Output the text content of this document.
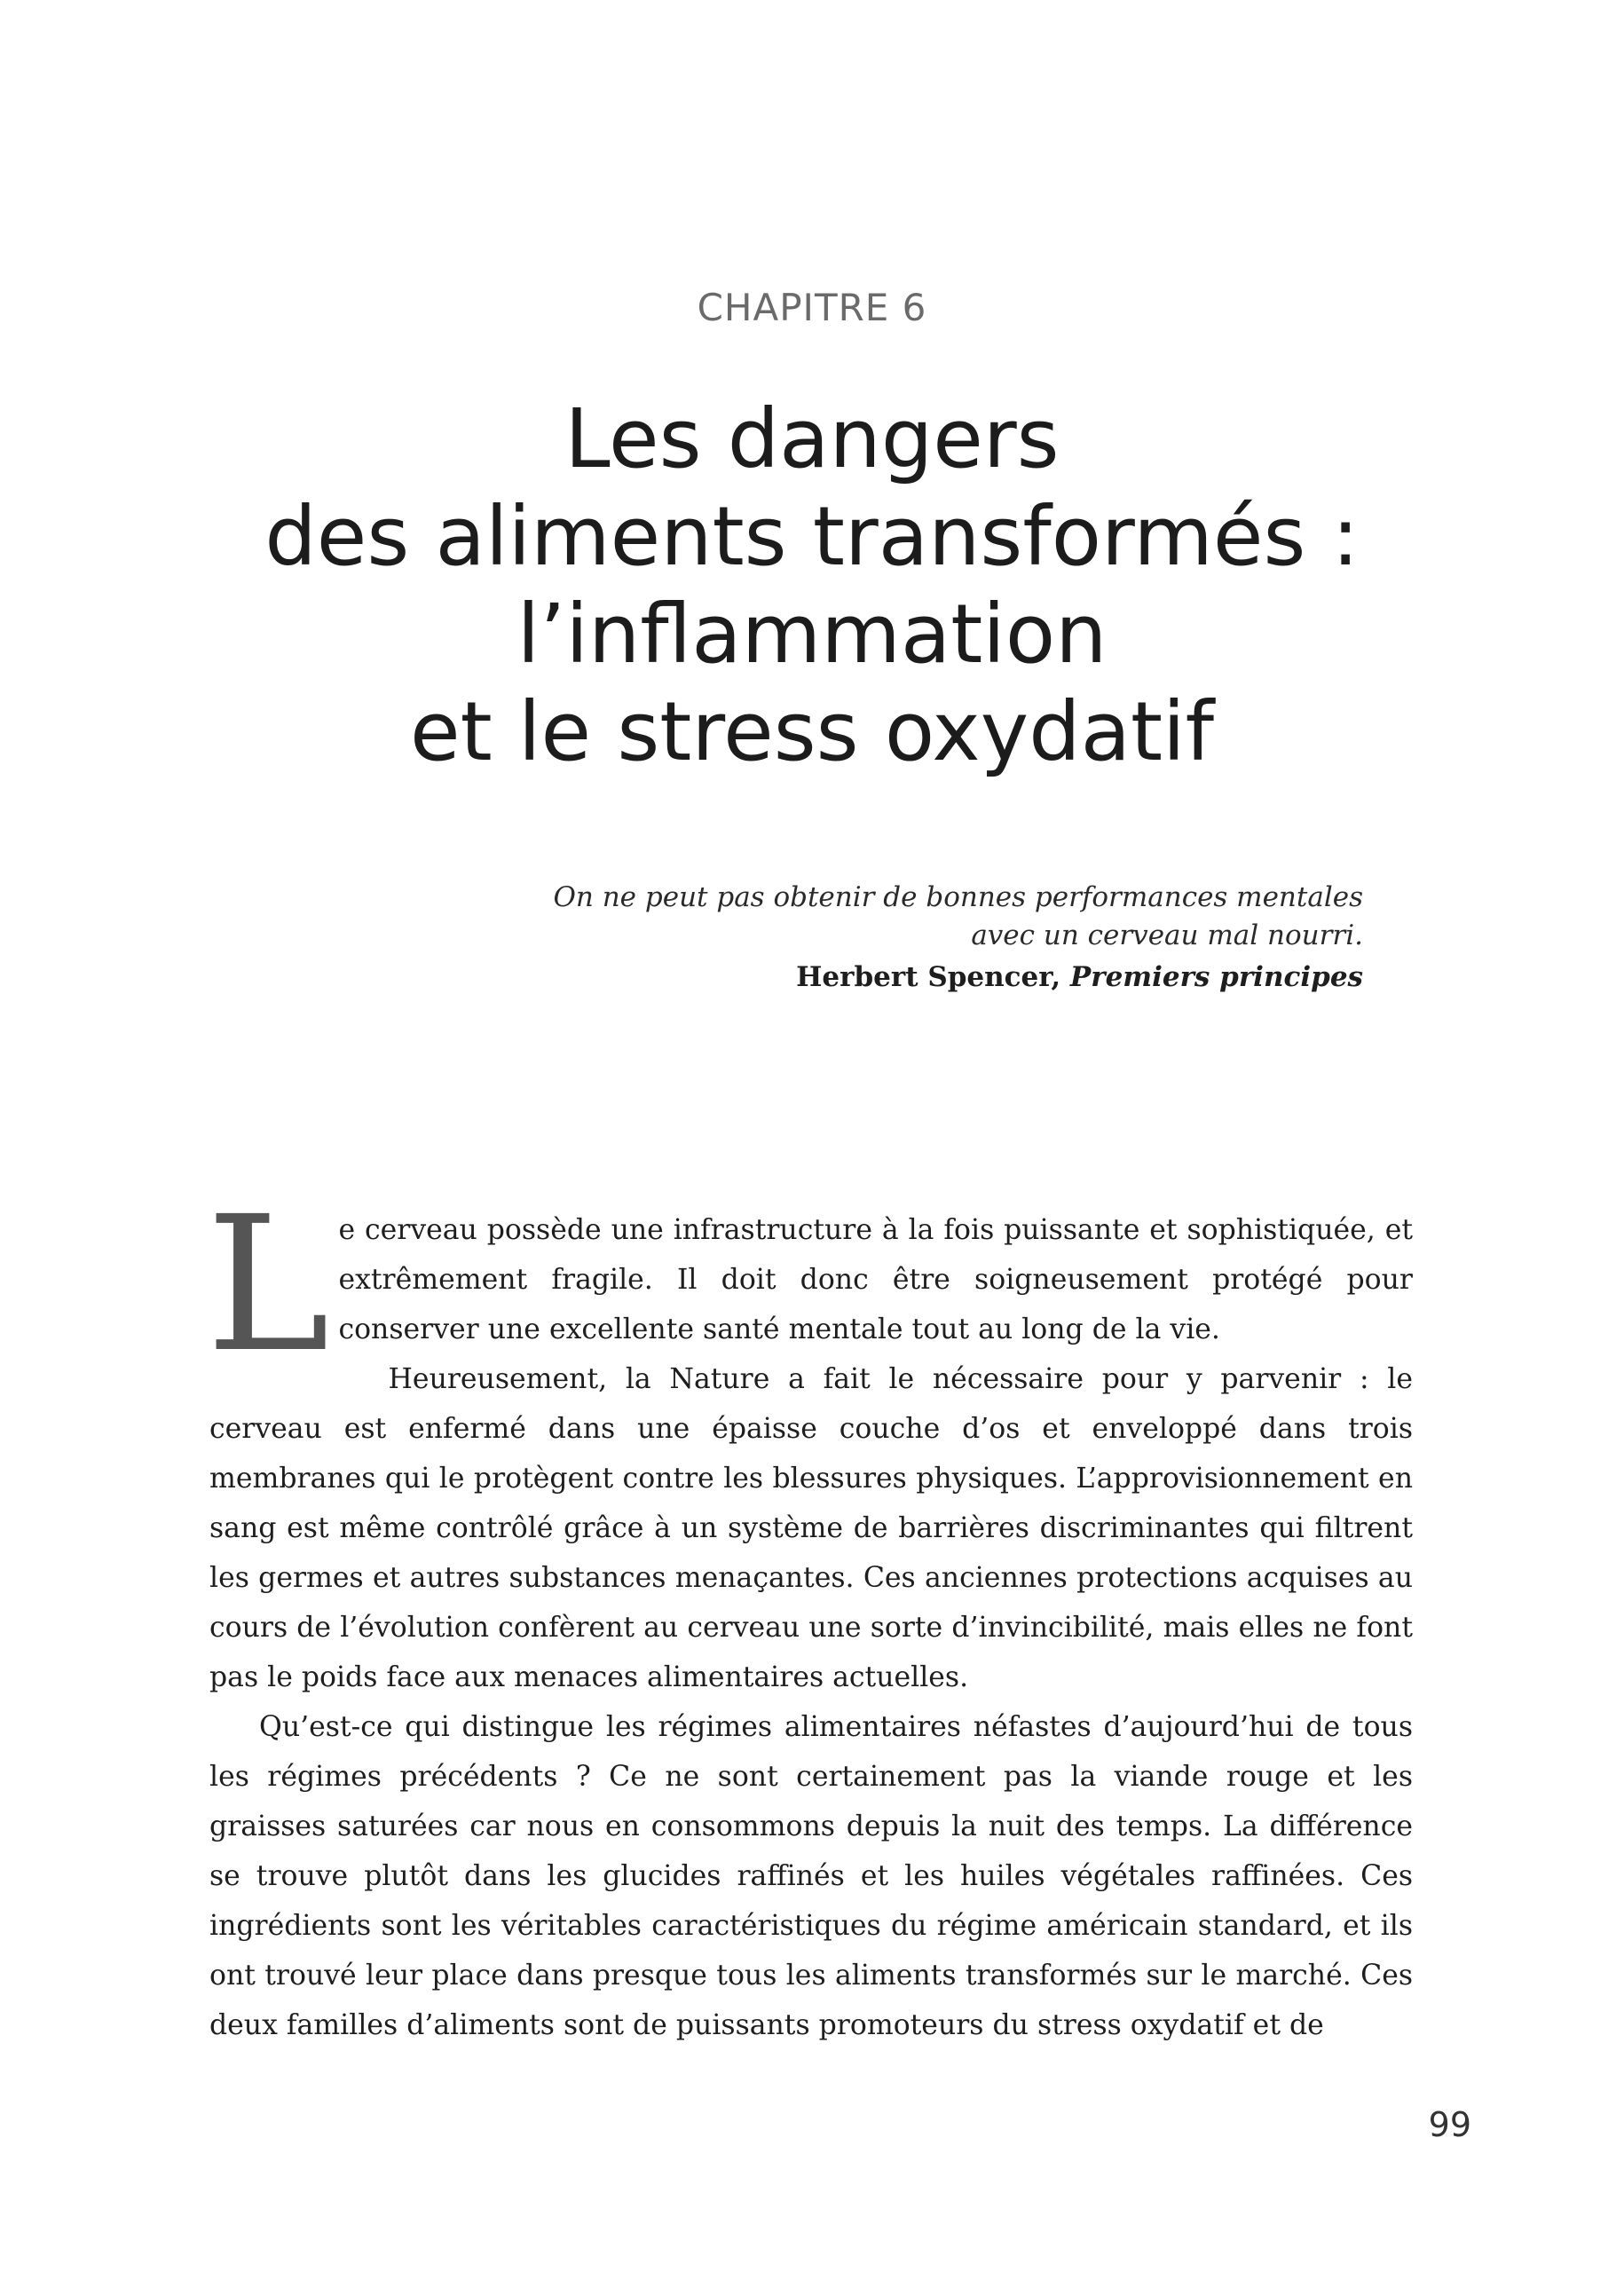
CHAPITRE 6
Les dangers
des aliments transformés :
l’inflammation
et le stress oxydatif
On ne peut pas obtenir de bonnes performances mentales
avec un cerveau mal nourri.
Herbert Spencer, Premiers principes

Le cerveau possède une infrastructure à la fois puissante et sophistiquée, et extrêmement fragile. Il doit donc être soigneusement protégé pour conserver une excellente santé mentale tout au long de la vie.

Heureusement, la Nature a fait le nécessaire pour y parvenir : le cerveau est enfermé dans une épaisse couche d’os et enveloppé dans trois membranes qui le protègent contre les blessures physiques. L’approvisionnement en sang est même contrôlé grâce à un système de barrières discriminantes qui filtrent les germes et autres substances menaçantes. Ces anciennes protections acquises au cours de l’évolution confèrent au cerveau une sorte d’invincibilité, mais elles ne font pas le poids face aux menaces alimentaires actuelles.

Qu’est-ce qui distingue les régimes alimentaires néfastes d’aujourd’hui de tous les régimes précédents ? Ce ne sont certainement pas la viande rouge et les graisses saturées car nous en consommons depuis la nuit des temps. La différence se trouve plutôt dans les glucides raffinés et les huiles végétales raffinées. Ces ingrédients sont les véritables caractéristiques du régime américain standard, et ils ont trouvé leur place dans presque tous les aliments transformés sur le marché. Ces deux familles d’aliments sont de puissants promoteurs du stress oxydatif et de

99
